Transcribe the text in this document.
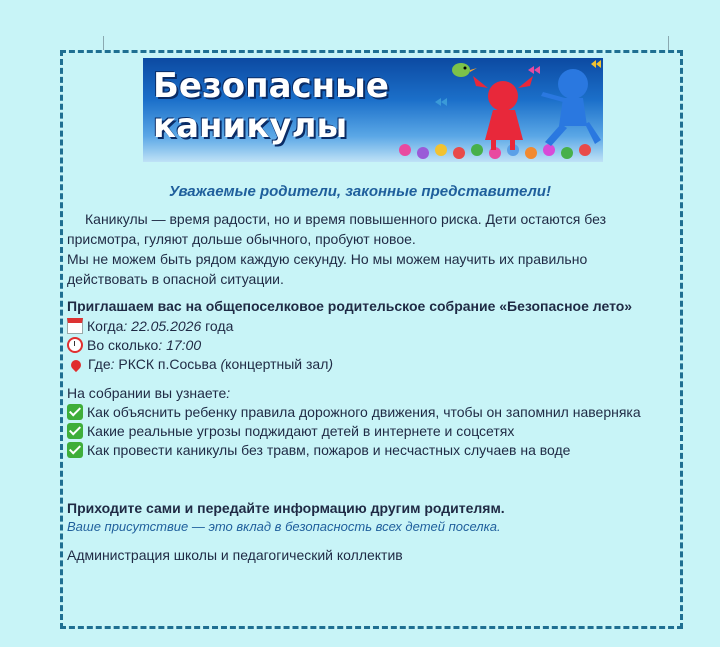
Безопасные
каникулы
Уважаемые родители, законные представители!
Каникулы — время радости, но и время повышенного риска. Дети остаются без
присмотра, гуляют дольше обычного, пробуют новое.
Мы не можем быть рядом каждую секунду. Но мы можем научить их правильно
действовать в опасной ситуации.
Приглашаем вас на общепоселковое родительское собрание «Безопасное лето»
Когда: 22.05.2026 года
Во сколько: 17:00
Где: РКСК п.Сосьва (концертный зал)
На собрании вы узнаете:
Как объяснить ребенку правила дорожного движения, чтобы он запомнил наверняка
Какие реальные угрозы поджидают детей в интернете и соцсетях
Как провести каникулы без травм, пожаров и несчастных случаев на воде
Приходите сами и передайте информацию другим родителям.
Ваше присутствие — это вклад в безопасность всех детей поселка.
Администрация школы и педагогический коллектив
